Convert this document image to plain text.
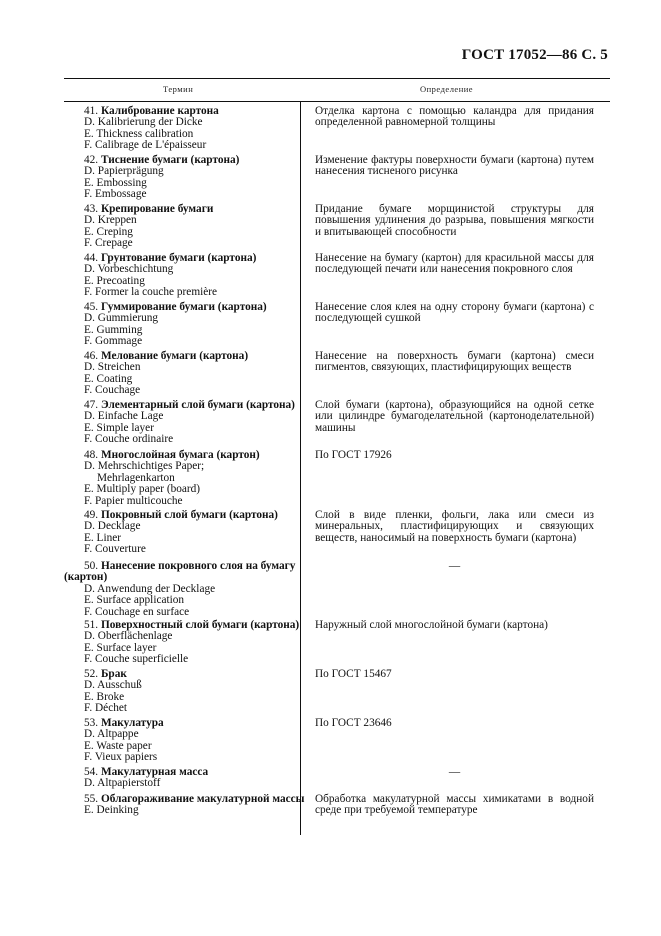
ГОСТ 17052—86 С. 5
Термин	Определение
41. Калибрование картона
D. Kalibrierung der Dicke
E. Thickness calibration
F. Calibrage de L'épaisseur
Отделка картона с помощью каландра для придания определенной равномерной толщины
42. Тиснение бумаги (картона)
D. Papierprägung
E. Embossing
F. Embossage
Изменение фактуры поверхности бумаги (картона) путем нанесения тисненого рисунка
43. Крепирование бумаги
D. Kreppen
E. Creping
F. Crepage
Придание бумаге морщинистой структуры для повышения удлинения до разрыва, повышения мягкости и впитывающей способности
44. Грунтование бумаги (картона)
D. Vorbeschichtung
E. Precoating
F. Former la couche première
Нанесение на бумагу (картон) для красильной массы для последующей печати или нанесения покровного слоя
45. Гуммирование бумаги (картона)
D. Gummierung
E. Gumming
F. Gommage
Нанесение слоя клея на одну сторону бумаги (картона) с последующей сушкой
46. Мелование бумаги (картона)
D. Streichen
E. Coating
F. Couchage
Нанесение на поверхность бумаги (картона) смеси пигментов, связующих, пластифицирующих веществ
47. Элементарный слой бумаги (картона)
D. Einfache Lage
E. Simple layer
F. Couche ordinaire
Слой бумаги (картона), образующийся на одной сетке или цилиндре бумагоделательной (картоноделательной) машины
48. Многослойная бумага (картон)
D. Mehrschichtiges Paper;
Mehrlagenkarton
E. Multiply paper (board)
F. Papier multicouche
По ГОСТ 17926
49. Покровный слой бумаги (картона)
D. Decklage
E. Liner
F. Couverture
Слой в виде пленки, фольги, лака или смеси из минеральных, пластифицирующих и связующих веществ, наносимый на поверхность бумаги (картона)
50. Нанесение покровного слоя на бумагу
(картон)
D. Anwendung der Decklage
E. Surface application
F. Couchage en surface
—
51. Поверхностный слой бумаги (картона)
D. Oberflächenlage
E. Surface layer
F. Couche superficielle
Наружный слой многослойной бумаги (картона)
52. Брак
D. Ausschuß
E. Broke
F. Déchet
По ГОСТ 15467
53. Макулатура
D. Altpappe
E. Waste paper
F. Vieux papiers
По ГОСТ 23646
54. Макулатурная масса
D. Altpapierstoff
—
55. Облагораживание макулатурной массы
E. Deinking
Обработка макулатурной массы химикатами в водной среде при требуемой температуре
